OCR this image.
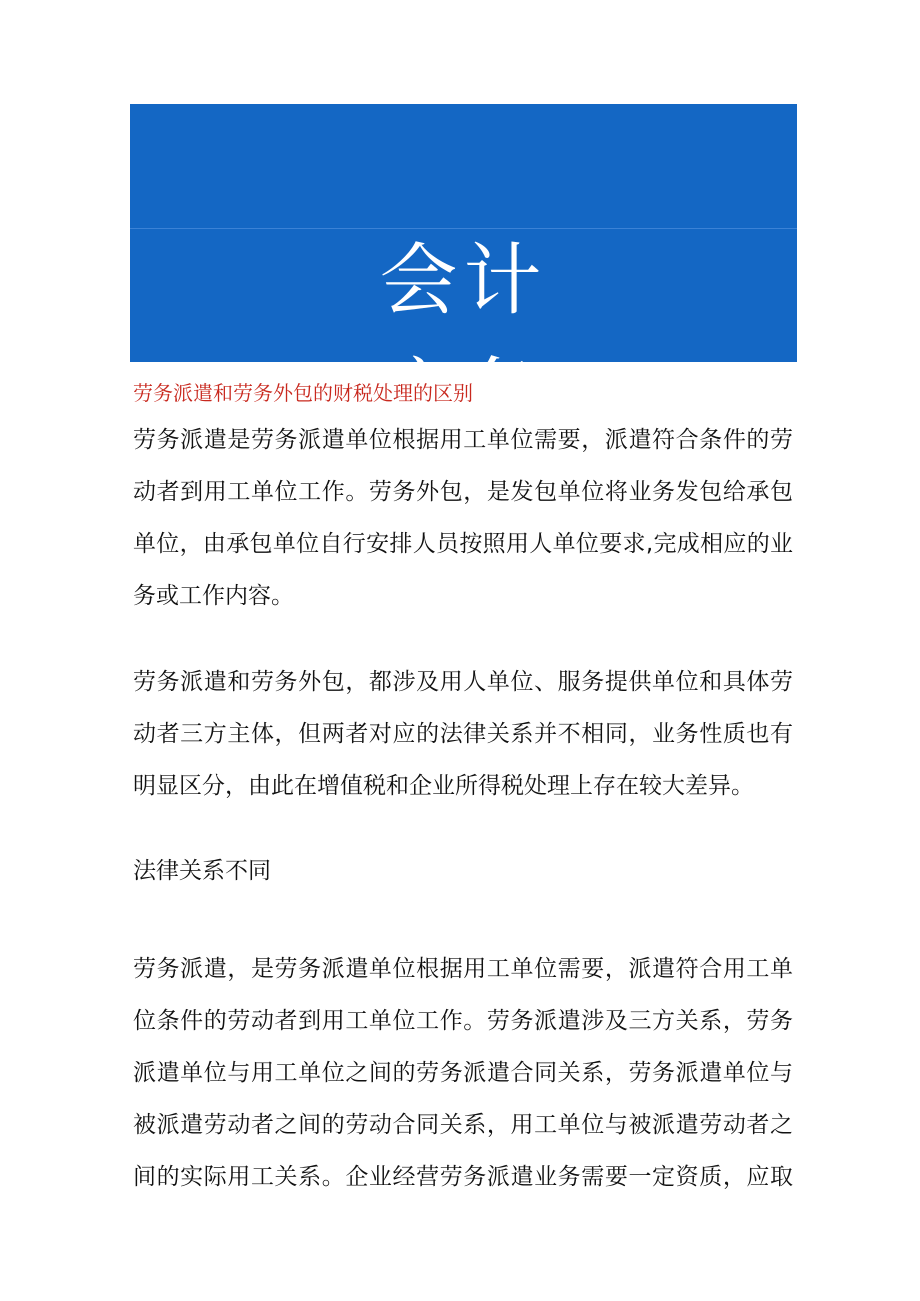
会计
实务
劳务派遣和劳务外包的财税处理的区别

劳务派遣是劳务派遣单位根据用工单位需要，派遣符合条件的劳
动者到用工单位工作。劳务外包，是发包单位将业务发包给承包
单位，由承包单位自行安排人员按照用人单位要求,完成相应的业
务或工作内容。

劳务派遣和劳务外包，都涉及用人单位、服务提供单位和具体劳
动者三方主体，但两者对应的法律关系并不相同，业务性质也有
明显区分，由此在增值税和企业所得税处理上存在较大差异。

法律关系不同

劳务派遣，是劳务派遣单位根据用工单位需要，派遣符合用工单
位条件的劳动者到用工单位工作。劳务派遣涉及三方关系，劳务
派遣单位与用工单位之间的劳务派遣合同关系，劳务派遣单位与
被派遣劳动者之间的劳动合同关系，用工单位与被派遣劳动者之
间的实际用工关系。企业经营劳务派遣业务需要一定资质，应取
